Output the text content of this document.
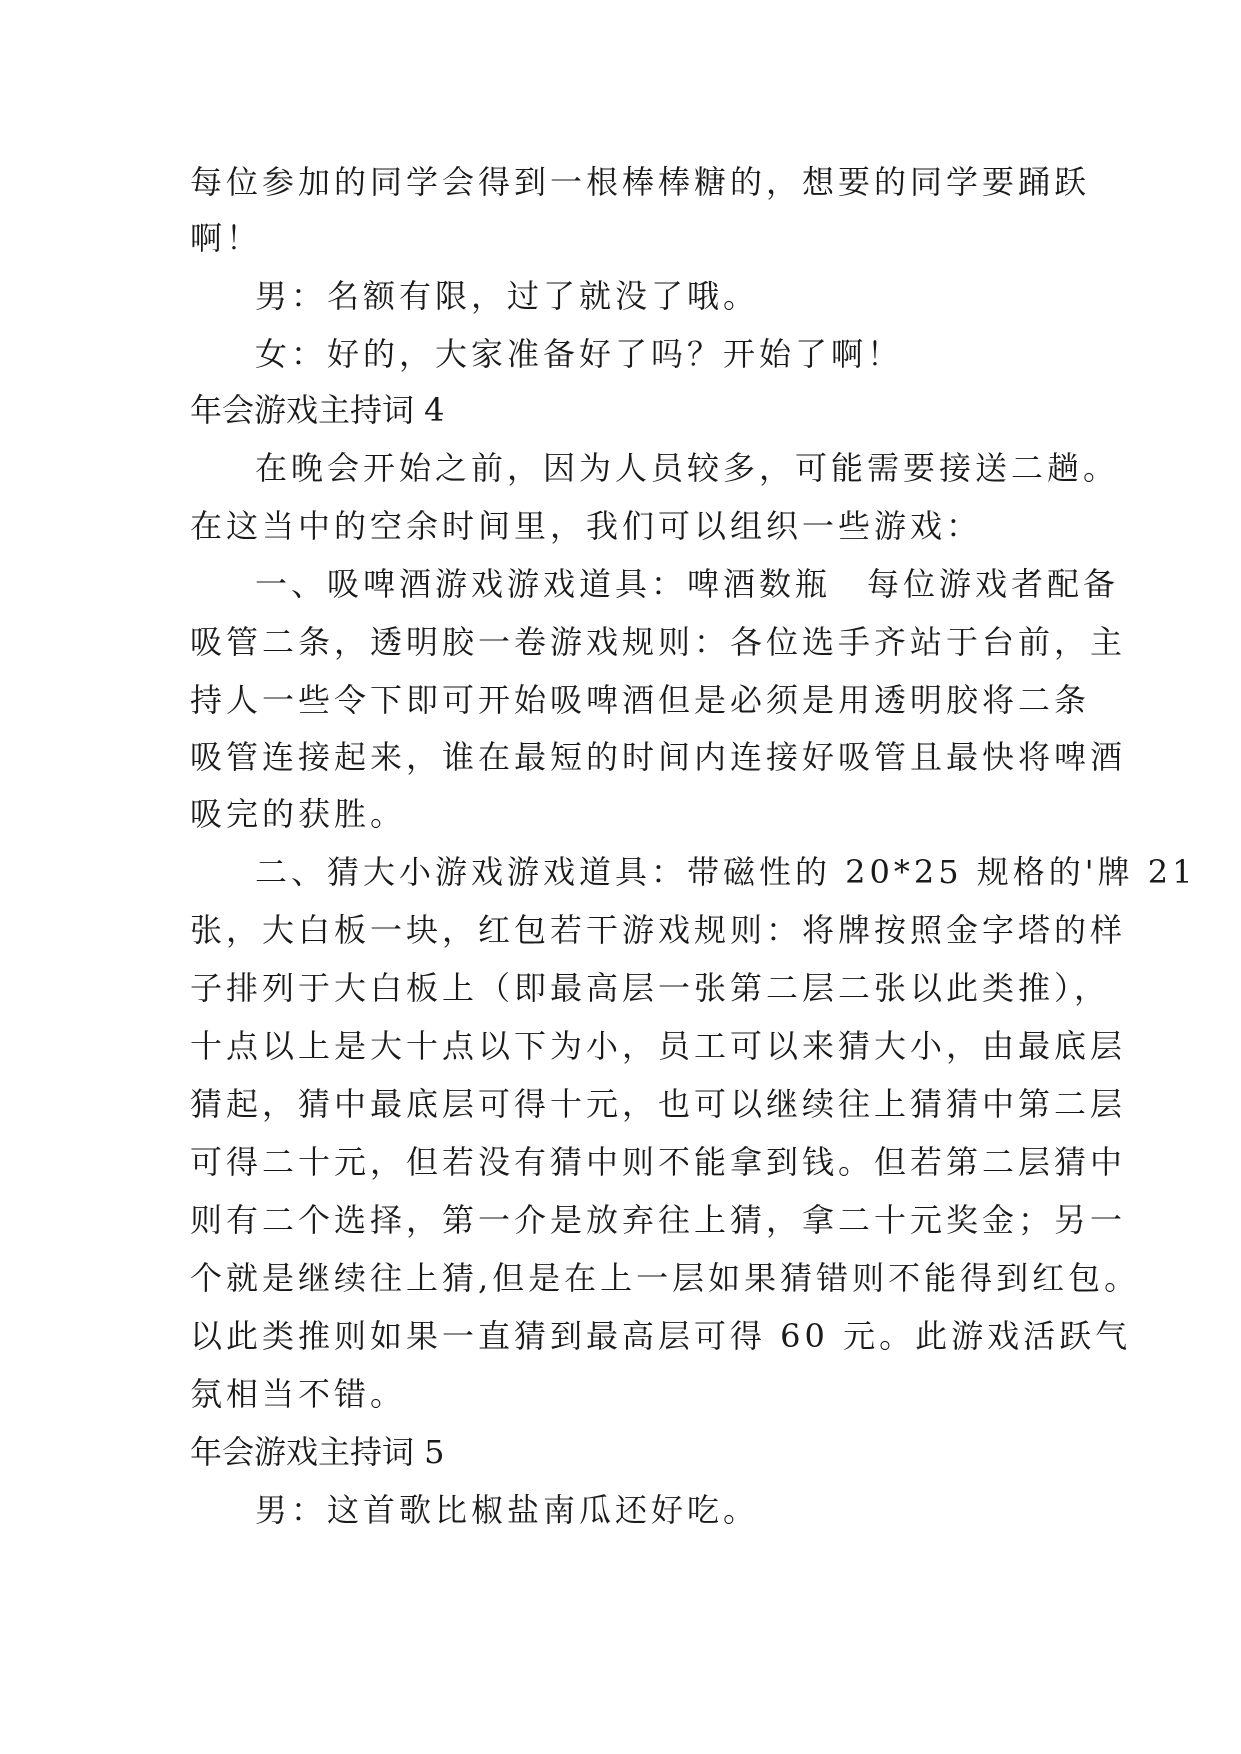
每位参加的同学会得到一根棒棒糖的，想要的同学要踊跃
啊！
男：名额有限，过了就没了哦。
女：好的，大家准备好了吗？开始了啊！
年会游戏主持词 4
在晚会开始之前，因为人员较多，可能需要接送二趟。
在这当中的空余时间里，我们可以组织一些游戏：
一、吸啤酒游戏游戏道具：啤酒数瓶　每位游戏者配备
吸管二条，透明胶一卷游戏规则：各位选手齐站于台前，主
持人一些令下即可开始吸啤酒但是必须是用透明胶将二条
吸管连接起来，谁在最短的时间内连接好吸管且最快将啤酒
吸完的获胜。
二、猜大小游戏游戏道具：带磁性的 20*25 规格的'牌 21
张，大白板一块，红包若干游戏规则：将牌按照金字塔的样
子排列于大白板上（即最高层一张第二层二张以此类推），
十点以上是大十点以下为小，员工可以来猜大小，由最底层
猜起，猜中最底层可得十元，也可以继续往上猜猜中第二层
可得二十元，但若没有猜中则不能拿到钱。但若第二层猜中
则有二个选择，第一介是放弃往上猜，拿二十元奖金；另一
个就是继续往上猜,但是在上一层如果猜错则不能得到红包。
以此类推则如果一直猜到最高层可得 60 元。此游戏活跃气
氛相当不错。
年会游戏主持词 5
男：这首歌比椒盐南瓜还好吃。
